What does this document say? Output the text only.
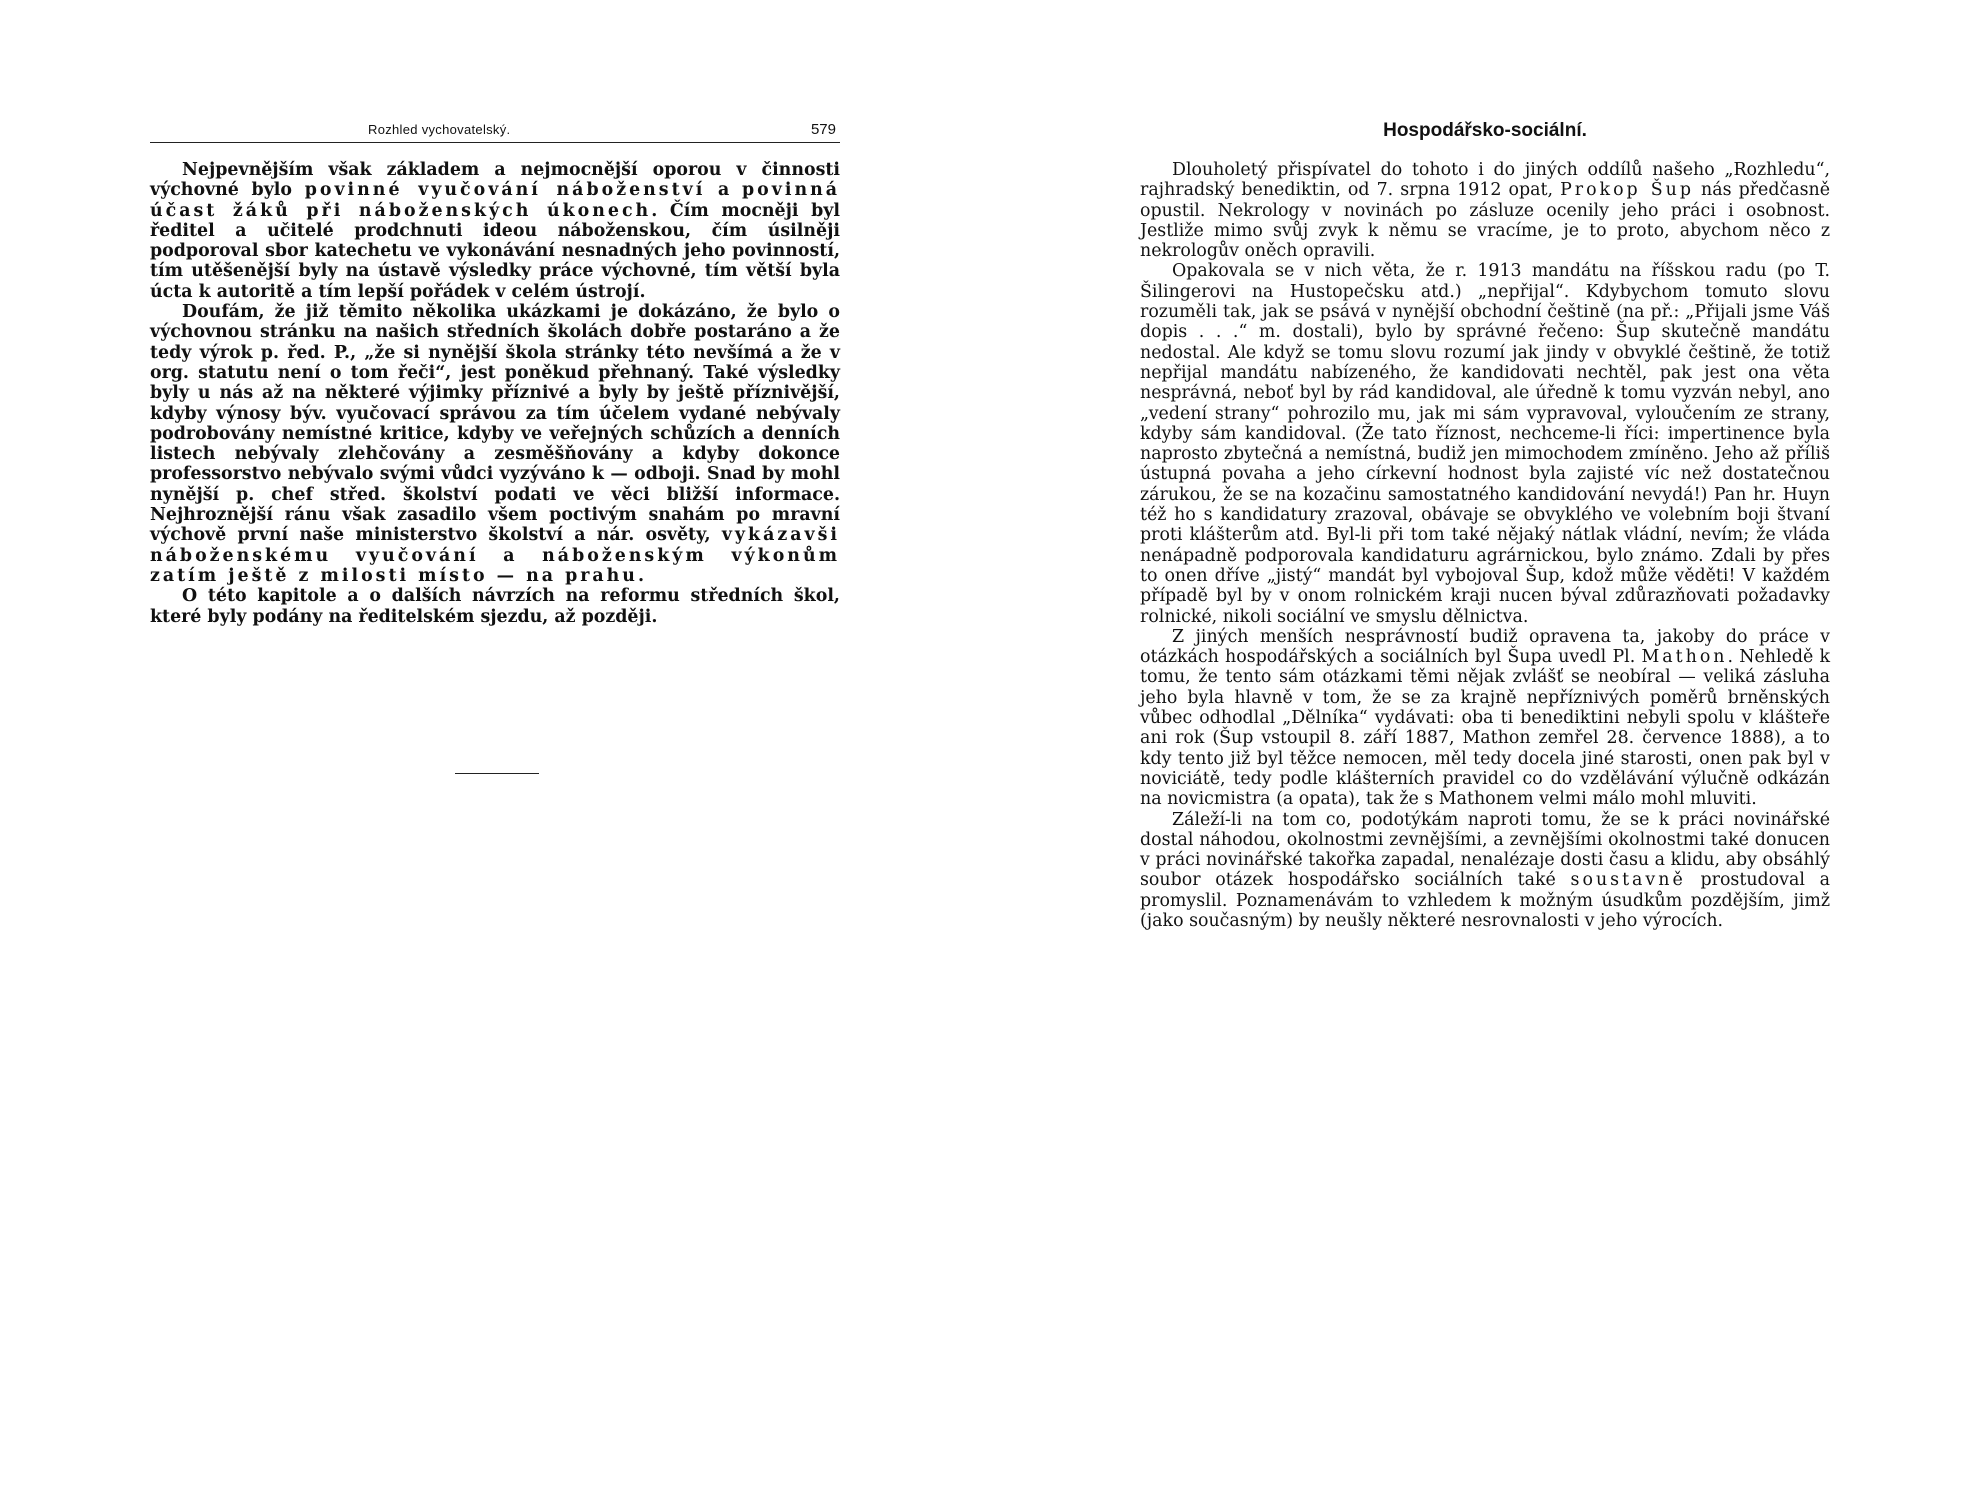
Rozhled vychovatelský.	579

Nejpevnějším však základem a nejmocnější oporou v činnosti výchovné bylo povinné vyučování náboženství a povinná účast žáků při náboženských úkonech. Čím mocněji byl ředitel a učitelé prodchnuti ideou náboženskou, čím úsilněji podporoval sbor katechetu ve vykonávání nesnadných jeho povinností, tím utěšenější byly na ústavě výsledky práce výchovné, tím větší byla úcta k autoritě a tím lepší pořádek v celém ústrojí.

Doufám, že již těmito několika ukázkami je dokázáno, že bylo o výchovnou stránku na našich středních školách dobře postaráno a že tedy výrok p. řed. P., „že si nynější škola stránky této nevšímá a že v org. statutu není o tom řeči“, jest poněkud přehnaný. Také výsledky byly u nás až na některé výjimky příznivé a byly by ještě příznivější, kdyby výnosy býv. vyučovací správou za tím účelem vydané nebývaly podrobovány nemístné kritice, kdyby ve veřejných schůzích a denních listech nebývaly zlehčovány a zesměšňovány a kdyby dokonce professorstvo nebývalo svými vůdci vyzýváno k — odboji. Snad by mohl nynější p. chef střed. školství podati ve věci bližší informace. Nejhroznější ránu však zasadilo všem poctivým snahám po mravní výchově první naše ministerstvo školství a nár. osvěty, vykázavši náboženskému vyučování a náboženským výkonům zatím ještě z milosti místo — na prahu.

O této kapitole a o dalších návrzích na reformu středních škol, které byly podány na ředitelském sjezdu, až později.

Hospodářsko-sociální.

Dlouholetý přispívatel do tohoto i do jiných oddílů našeho „Rozhledu“, rajhradský benediktin, od 7. srpna 1912 opat, Prokop Šup nás předčasně opustil. Nekrology v novinách po zásluze ocenily jeho práci i osobnost. Jestliže mimo svůj zvyk k němu se vracíme, je to proto, abychom něco z nekrologův oněch opravili.

Opakovala se v nich věta, že r. 1913 mandátu na říšskou radu (po T. Šilingerovi na Hustopečsku atd.) „nepřijal“. Kdybychom tomuto slovu rozuměli tak, jak se psává v nynější obchodní češtině (na př.: „Přijali jsme Váš dopis . . .“ m. dostali), bylo by správné řečeno: Šup skutečně mandátu nedostal. Ale když se tomu slovu rozumí jak jindy v obvyklé češtině, že totiž nepřijal mandátu nabízeného, že kandidovati nechtěl, pak jest ona věta nesprávná, neboť byl by rád kandidoval, ale úředně k tomu vyzván nebyl, ano „vedení strany“ pohrozilo mu, jak mi sám vypravoval, vyloučením ze strany, kdyby sám kandidoval. (Že tato říznost, nechceme-li říci: impertinence byla naprosto zbytečná a nemístná, budiž jen mimochodem zmíněno. Jeho až příliš ústupná povaha a jeho církevní hodnost byla zajisté víc než dostatečnou zárukou, že se na kozačinu samostatného kandidování nevydá!) Pan hr. Huyn též ho s kandidatury zrazoval, obávaje se obvyklého ve volebním boji štvaní proti klášterům atd. Byl-li při tom také nějaký nátlak vládní, nevím; že vláda nenápadně podporovala kandidaturu agrárnickou, bylo známo. Zdali by přes to onen dříve „jistý“ mandát byl vybojoval Šup, kdož může věděti! V každém případě byl by v onom rolnickém kraji nucen býval zdůrazňovati požadavky rolnické, nikoli sociální ve smyslu dělnictva.

Z jiných menších nesprávností budiž opravena ta, jakoby do práce v otázkách hospodářských a sociálních byl Šupa uvedl Pl. Mathon. Nehledě k tomu, že tento sám otázkami těmi nějak zvlášť se neobíral — veliká zásluha jeho byla hlavně v tom, že se za krajně nepříznivých poměrů brněnských vůbec odhodlal „Dělníka“ vydávati: oba ti benediktini nebyli spolu v klášteře ani rok (Šup vstoupil 8. září 1887, Mathon zemřel 28. července 1888), a to kdy tento již byl těžce nemocen, měl tedy docela jiné starosti, onen pak byl v noviciátě, tedy podle klášterních pravidel co do vzdělávání výlučně odkázán na novicmistra (a opata), tak že s Mathonem velmi málo mohl mluviti.

Záleží-li na tom co, podotýkám naproti tomu, že se k práci novinářské dostal náhodou, okolnostmi zevnějšími, a zevnějšími okolnostmi také donucen v práci novinářské takořka zapadal, nenalézaje dosti času a klidu, aby obsáhlý soubor otázek hospodářsko sociálních také soustavně prostudoval a promyslil. Poznamenávám to vzhledem k možným úsudkům pozdějším, jimž (jako současným) by neušly některé nesrovnalosti v jeho výrocích.
